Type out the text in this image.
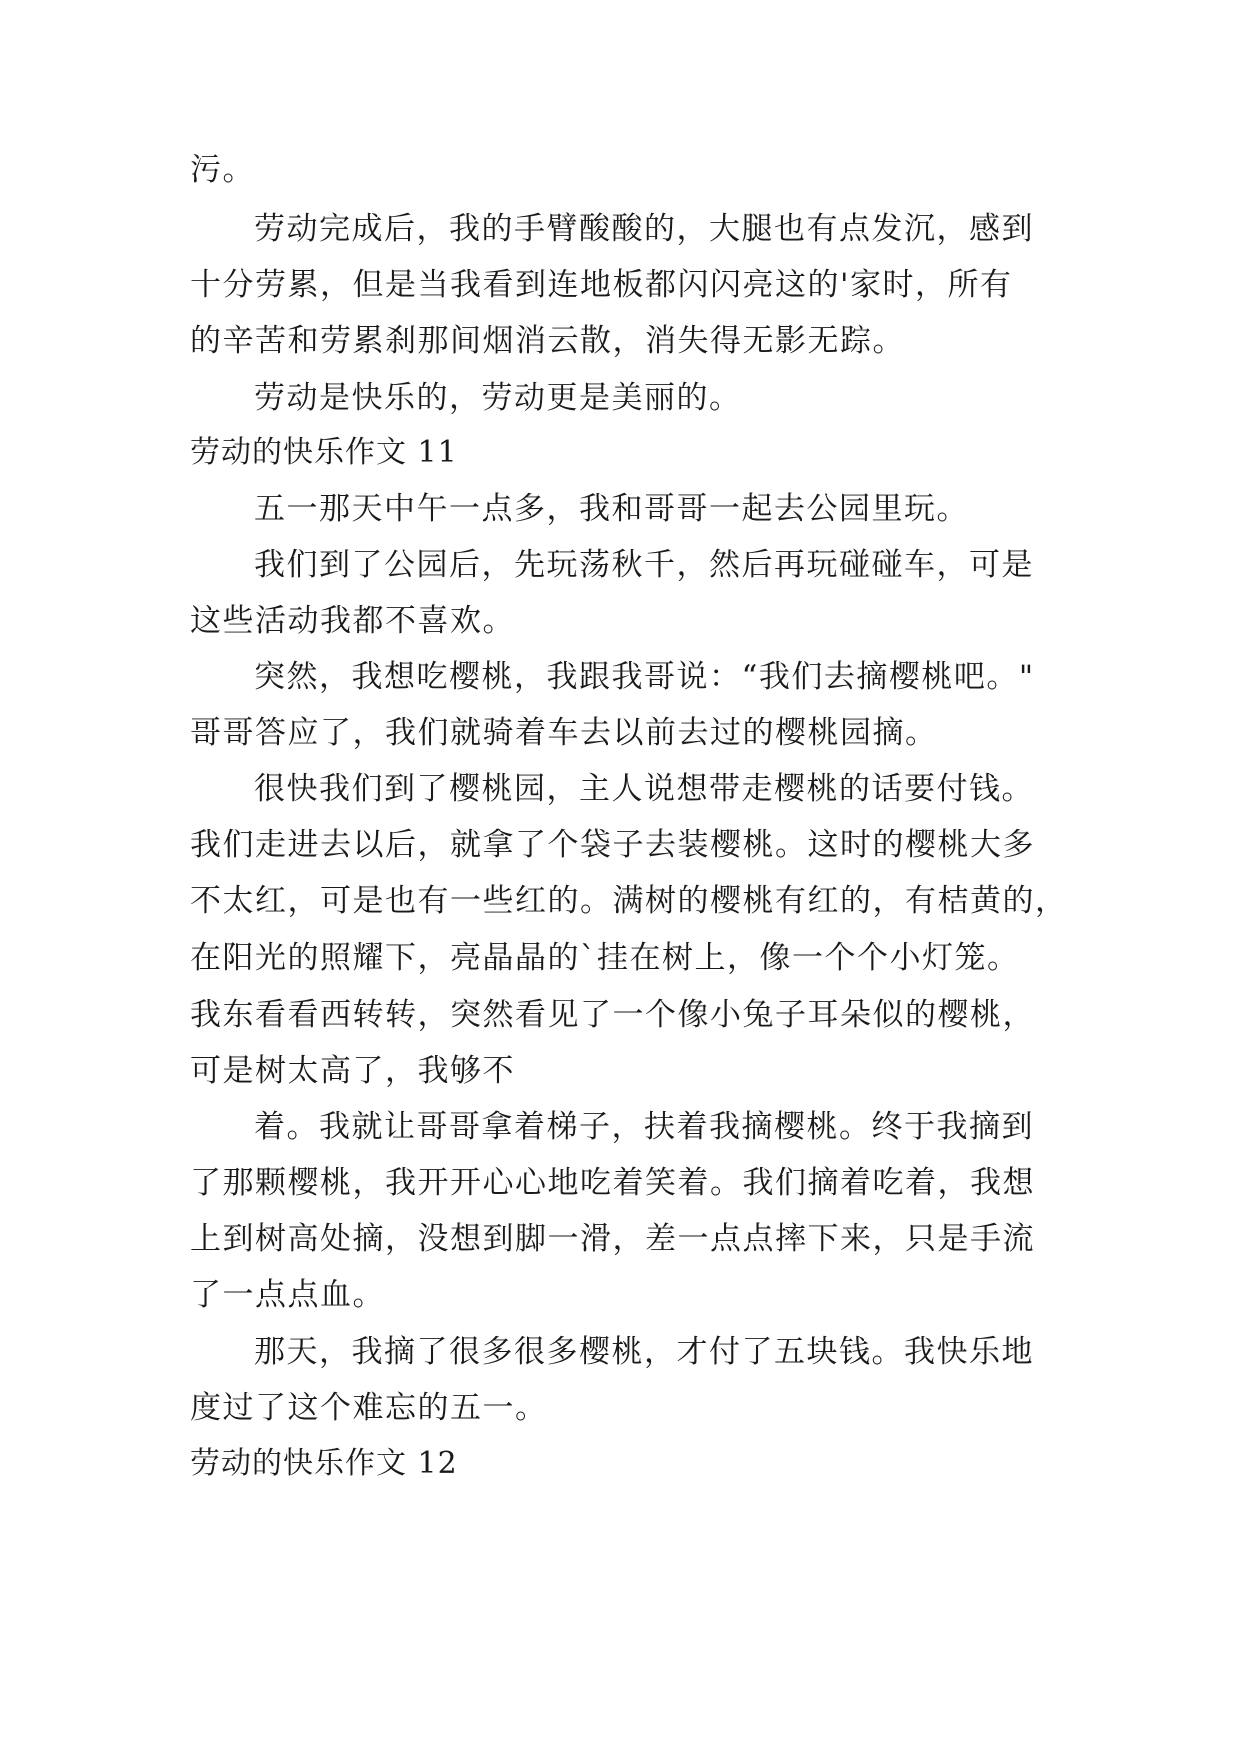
污。
劳动完成后，我的手臂酸酸的，大腿也有点发沉，感到
十分劳累，但是当我看到连地板都闪闪亮这的'家时，所有
的辛苦和劳累刹那间烟消云散，消失得无影无踪。
劳动是快乐的，劳动更是美丽的。
劳动的快乐作文 11
五一那天中午一点多，我和哥哥一起去公园里玩。
我们到了公园后，先玩荡秋千，然后再玩碰碰车，可是
这些活动我都不喜欢。
突然，我想吃樱桃，我跟我哥说：“我们去摘樱桃吧。"
哥哥答应了，我们就骑着车去以前去过的樱桃园摘。
很快我们到了樱桃园，主人说想带走樱桃的话要付钱。
我们走进去以后，就拿了个袋子去装樱桃。这时的樱桃大多
不太红，可是也有一些红的。满树的樱桃有红的，有桔黄的，
在阳光的照耀下，亮晶晶的`挂在树上，像一个个小灯笼。
我东看看西转转，突然看见了一个像小兔子耳朵似的樱桃，
可是树太高了，我够不
着。我就让哥哥拿着梯子，扶着我摘樱桃。终于我摘到
了那颗樱桃，我开开心心地吃着笑着。我们摘着吃着，我想
上到树高处摘，没想到脚一滑，差一点点摔下来，只是手流
了一点点血。
那天，我摘了很多很多樱桃，才付了五块钱。我快乐地
度过了这个难忘的五一。
劳动的快乐作文 12
